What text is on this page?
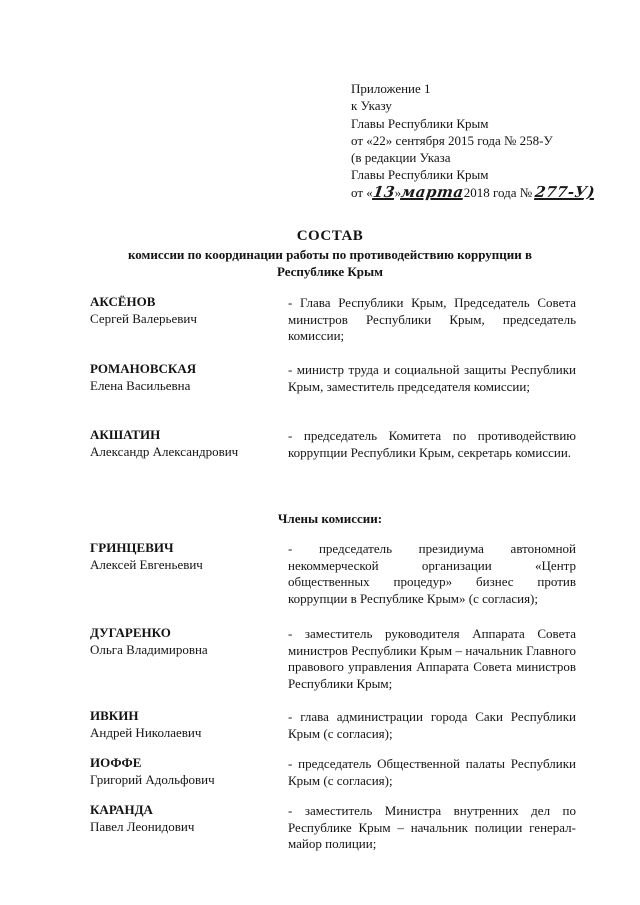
Приложение 1
к Указу
Главы Республики Крым
от «22» сентября 2015 года № 258-У
(в редакции Указа
Главы Республики Крым
от «13»марта2018 года № 277-У)
СОСТАВ
комиссии по координации работы по противодействию коррупции в
Республике Крым
АКСЁНОВ
Сергей Валерьевич
- Глава Республики Крым, Председатель Совета министров Республики Крым, председатель комиссии;
РОМАНОВСКАЯ
Елена Васильевна
- министр труда и социальной защиты Республики Крым, заместитель председателя комиссии;
АКШАТИН
Александр Александрович
- председатель Комитета по противодействию коррупции Республики Крым, секретарь комиссии.
Члены комиссии:
ГРИНЦЕВИЧ
Алексей Евгеньевич
- председатель президиума автономной некоммерческой организации «Центр общественных процедур» бизнес против коррупции в Республике Крым» (с согласия);
ДУГАРЕНКО
Ольга Владимировна
- заместитель руководителя Аппарата Совета министров Республики Крым – начальник Главного правового управления Аппарата Совета министров Республики Крым;
ИВКИН
Андрей Николаевич
- глава администрации города Саки Республики Крым (с согласия);
ИОФФЕ
Григорий Адольфович
- председатель Общественной палаты Республики Крым (с согласия);
КАРАНДА
Павел Леонидович
- заместитель Министра внутренних дел по Республике Крым – начальник полиции генерал-майор полиции;
